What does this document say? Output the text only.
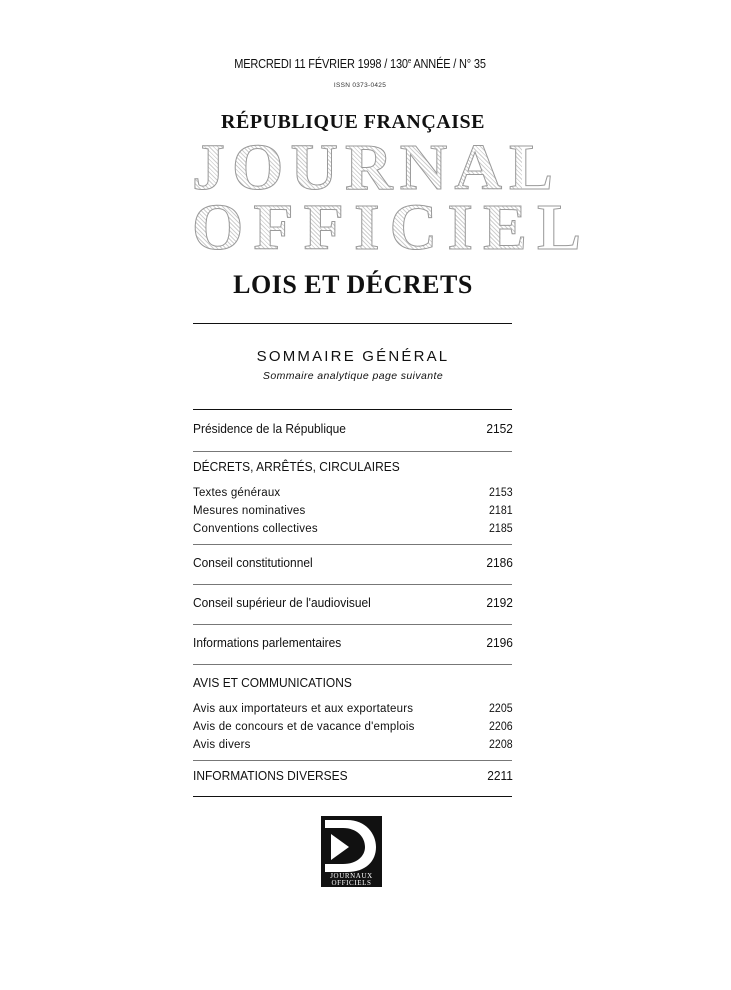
MERCREDI 11 FÉVRIER 1998 / 130e ANNÉE / N° 35
ISSN 0373-0425
RÉPUBLIQUE FRANÇAISE
JOURNAL
OFFICIEL
LOIS ET DÉCRETS
SOMMAIRE GÉNÉRAL
Sommaire analytique page suivante
Présidence de la République	2152
DÉCRETS, ARRÊTÉS, CIRCULAIRES
Textes généraux	2153
Mesures nominatives	2181
Conventions collectives	2185
Conseil constitutionnel	2186
Conseil supérieur de l'audiovisuel	2192
Informations parlementaires	2196
AVIS ET COMMUNICATIONS
Avis aux importateurs et aux exportateurs	2205
Avis de concours et de vacance d'emplois	2206
Avis divers	2208
INFORMATIONS DIVERSES	2211
JOURNAUX
OFFICIELS
